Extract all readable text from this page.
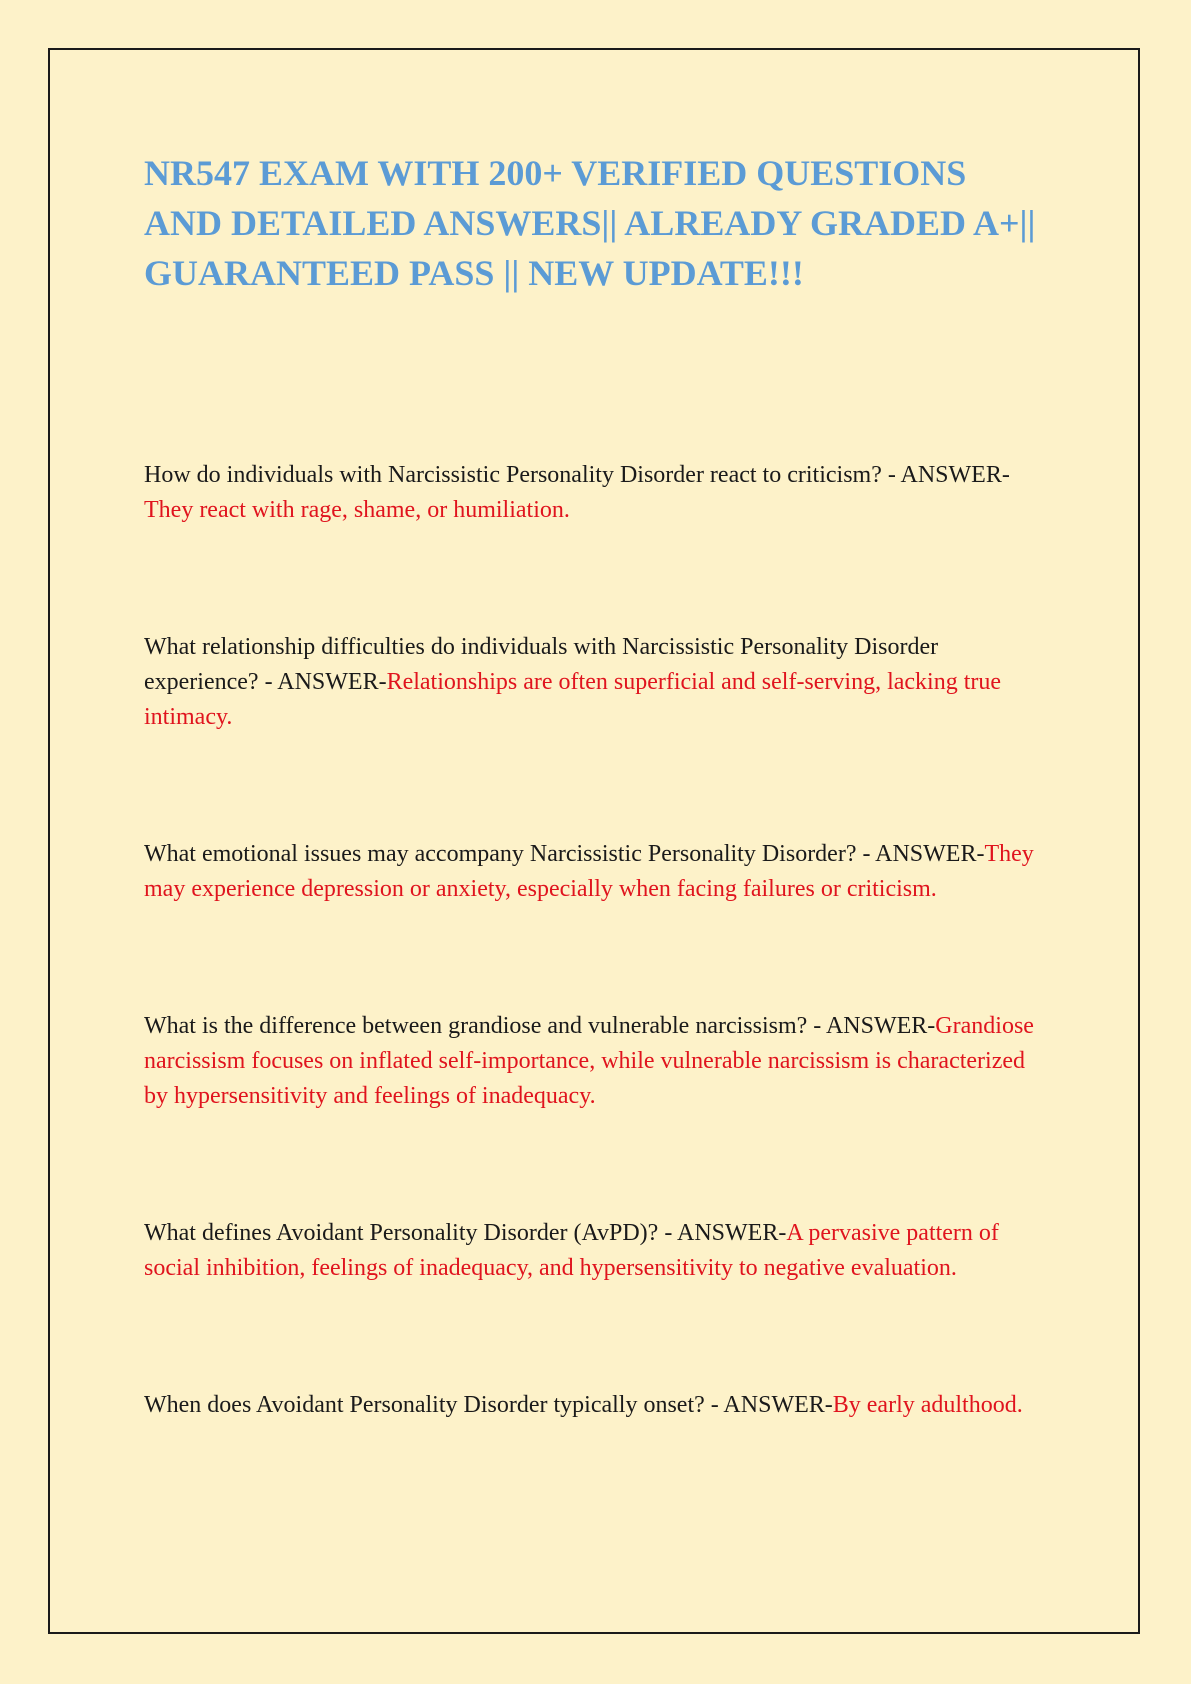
NR547 EXAM WITH 200+ VERIFIED QUESTIONS AND DETAILED ANSWERS|| ALREADY GRADED A+|| GUARANTEED PASS || NEW UPDATE!!!

How do individuals with Narcissistic Personality Disorder react to criticism? - ANSWER-They react with rage, shame, or humiliation.

What relationship difficulties do individuals with Narcissistic Personality Disorder experience? - ANSWER-Relationships are often superficial and self-serving, lacking true intimacy.

What emotional issues may accompany Narcissistic Personality Disorder? - ANSWER-They may experience depression or anxiety, especially when facing failures or criticism.

What is the difference between grandiose and vulnerable narcissism? - ANSWER-Grandiose narcissism focuses on inflated self-importance, while vulnerable narcissism is characterized by hypersensitivity and feelings of inadequacy.

What defines Avoidant Personality Disorder (AvPD)? - ANSWER-A pervasive pattern of social inhibition, feelings of inadequacy, and hypersensitivity to negative evaluation.

When does Avoidant Personality Disorder typically onset? - ANSWER-By early adulthood.
